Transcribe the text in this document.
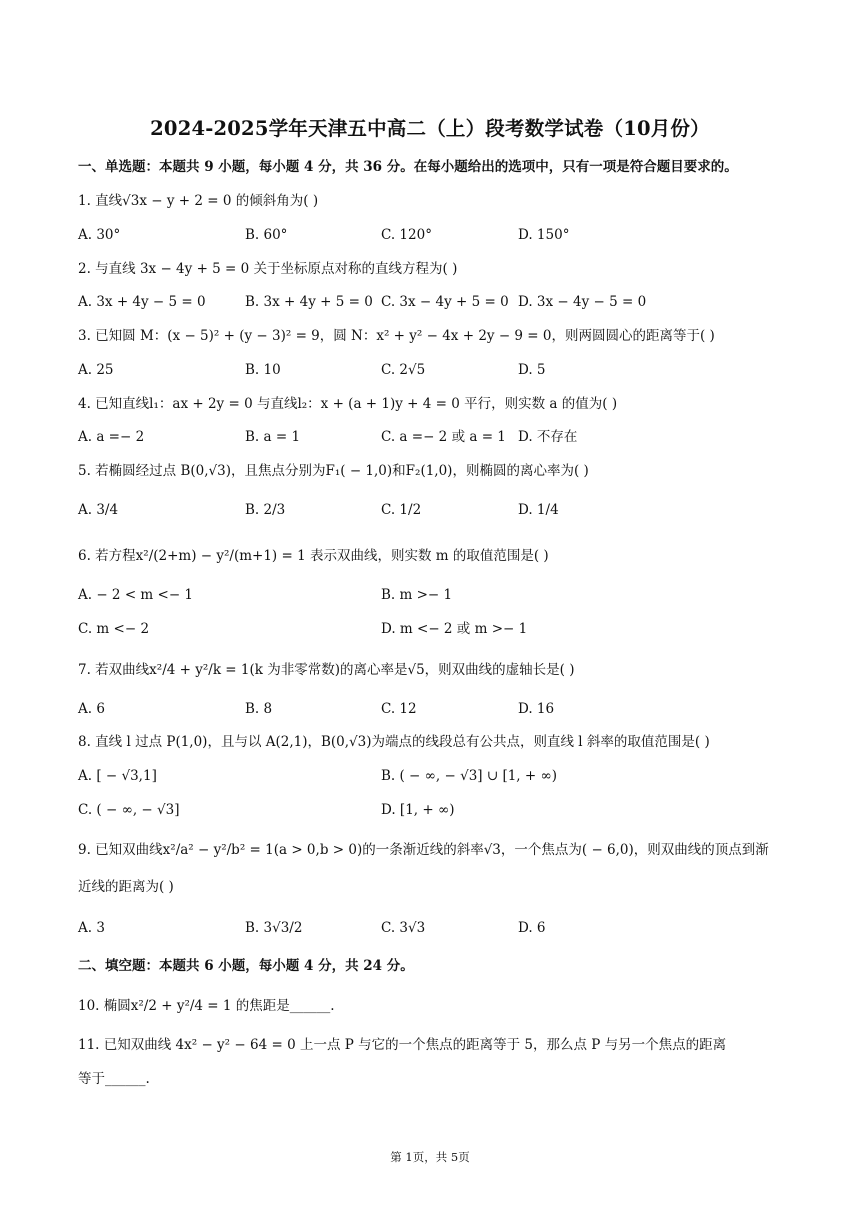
2024-2025学年天津五中高二（上）段考数学试卷（10月份）
一、单选题：本题共 9 小题，每小题 4 分，共 36 分。在每小题给出的选项中，只有一项是符合题目要求的。
1. 直线√3x − y + 2 = 0 的倾斜角为( )
A. 30°	B. 60°	C. 120°	D. 150°
2. 与直线 3x − 4y + 5 = 0 关于坐标原点对称的直线方程为( )
A. 3x + 4y − 5 = 0	B. 3x + 4y + 5 = 0 C. 3x − 4y + 5 = 0 D. 3x − 4y − 5 = 0
3. 已知圆 M：(x − 5)² + (y − 3)² = 9，圆 N：x² + y² − 4x + 2y − 9 = 0，则两圆圆心的距离等于( )
A. 25	B. 10	C. 2√5	D. 5
4. 已知直线l₁：ax + 2y = 0 与直线l₂：x + (a + 1)y + 4 = 0 平行，则实数 a 的值为( )
A. a =− 2	B. a = 1	C. a =− 2 或 a = 1 D. 不存在
5. 若椭圆经过点 B(0,√3)，且焦点分别为F₁( − 1,0)和F₂(1,0)，则椭圆的离心率为( )
A. 3/4	B. 2/3	C. 1/2	D. 1/4
6. 若方程x²/(2+m) − y²/(m+1) = 1 表示双曲线，则实数 m 的取值范围是( )
A. − 2 < m <− 1	B. m >− 1
C. m <− 2	D. m <− 2 或 m >− 1
7. 若双曲线x²/4 + y²/k = 1(k 为非零常数)的离心率是√5，则双曲线的虚轴长是( )
A. 6	B. 8	C. 12	D. 16
8. 直线 l 过点 P(1,0)，且与以 A(2,1)，B(0,√3)为端点的线段总有公共点，则直线 l 斜率的取值范围是( )
A. [ − √3,1]	B. ( − ∞, − √3] ∪ [1, + ∞)
C. ( − ∞, − √3]	D. [1, + ∞)
9. 已知双曲线x²/a² − y²/b² = 1(a > 0,b > 0)的一条渐近线的斜率√3，一个焦点为( − 6,0)，则双曲线的顶点到渐
近线的距离为( )
A. 3	B. 3√3/2	C. 3√3	D. 6
二、填空题：本题共 6 小题，每小题 4 分，共 24 分。
10. 椭圆x²/2 + y²/4 = 1 的焦距是______.
11. 已知双曲线 4x² − y² − 64 = 0 上一点 P 与它的一个焦点的距离等于 5，那么点 P 与另一个焦点的距离
等于______.
第 1页，共 5页
